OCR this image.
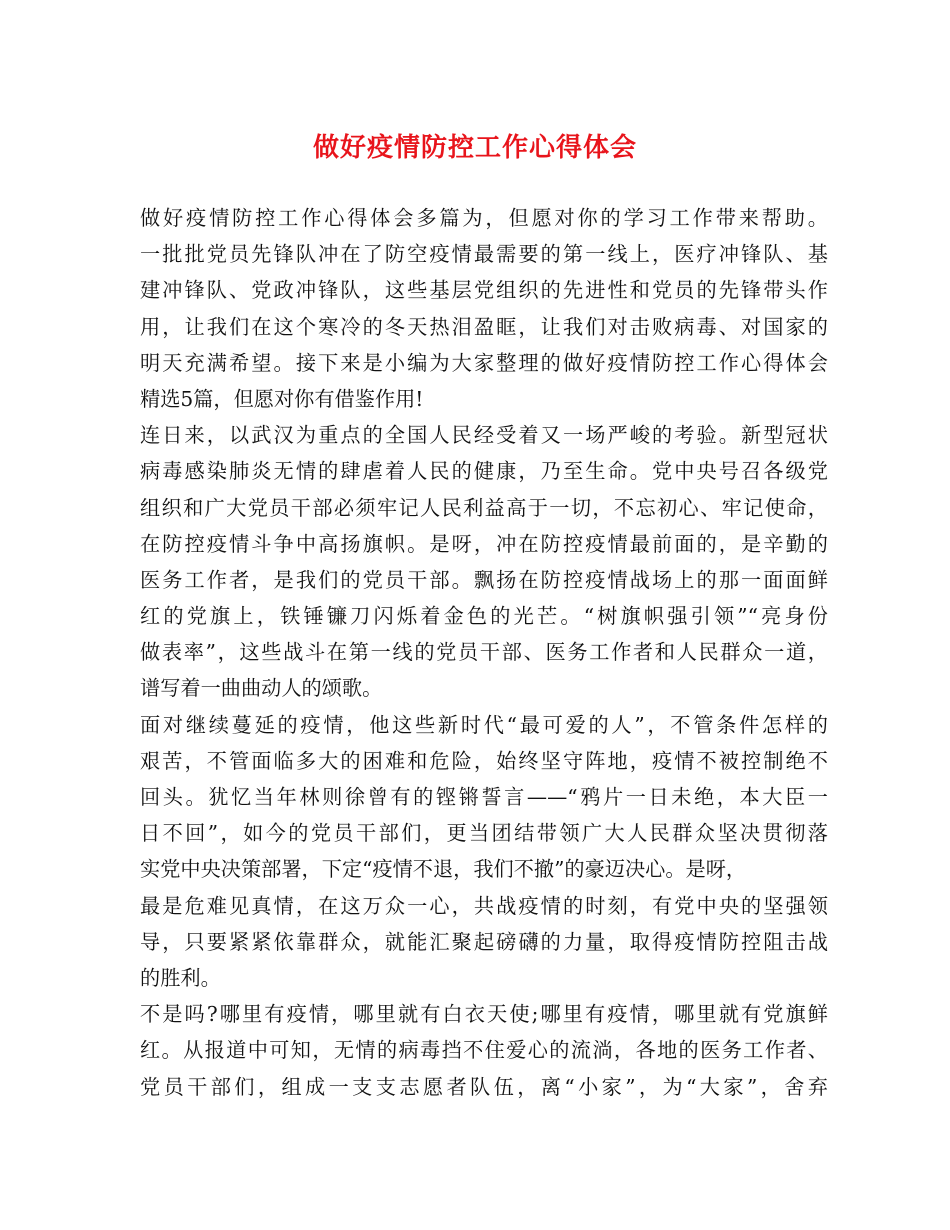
做好疫情防控工作心得体会
做好疫情防控工作心得体会多篇为，但愿对你的学习工作带来帮助。
一批批党员先锋队冲在了防空疫情最需要的第一线上，医疗冲锋队、基
建冲锋队、党政冲锋队，这些基层党组织的先进性和党员的先锋带头作
用，让我们在这个寒冷的冬天热泪盈眶，让我们对击败病毒、对国家的
明天充满希望。接下来是小编为大家整理的做好疫情防控工作心得体会
精选5篇，但愿对你有借鉴作用!
连日来，以武汉为重点的全国人民经受着又一场严峻的考验。新型冠状
病毒感染肺炎无情的肆虐着人民的健康，乃至生命。党中央号召各级党
组织和广大党员干部必须牢记人民利益高于一切，不忘初心、牢记使命，
在防控疫情斗争中高扬旗帜。是呀，冲在防控疫情最前面的，是辛勤的
医务工作者，是我们的党员干部。飘扬在防控疫情战场上的那一面面鲜
红的党旗上，铁锤镰刀闪烁着金色的光芒。“树旗帜强引领”“亮身份
做表率”，这些战斗在第一线的党员干部、医务工作者和人民群众一道，
谱写着一曲曲动人的颂歌。
面对继续蔓延的疫情，他这些新时代“最可爱的人”，不管条件怎样的
艰苦，不管面临多大的困难和危险，始终坚守阵地，疫情不被控制绝不
回头。犹忆当年林则徐曾有的铿锵誓言——“鸦片一日未绝，本大臣一
日不回”，如今的党员干部们，更当团结带领广大人民群众坚决贯彻落
实党中央决策部署，下定“疫情不退，我们不撤”的豪迈决心。是呀，
最是危难见真情，在这万众一心，共战疫情的时刻，有党中央的坚强领
导，只要紧紧依靠群众，就能汇聚起磅礴的力量，取得疫情防控阻击战
的胜利。
不是吗?哪里有疫情，哪里就有白衣天使;哪里有疫情，哪里就有党旗鲜
红。从报道中可知，无情的病毒挡不住爱心的流淌，各地的医务工作者、
党员干部们，组成一支支志愿者队伍，离“小家”，为“大家”，舍弃
